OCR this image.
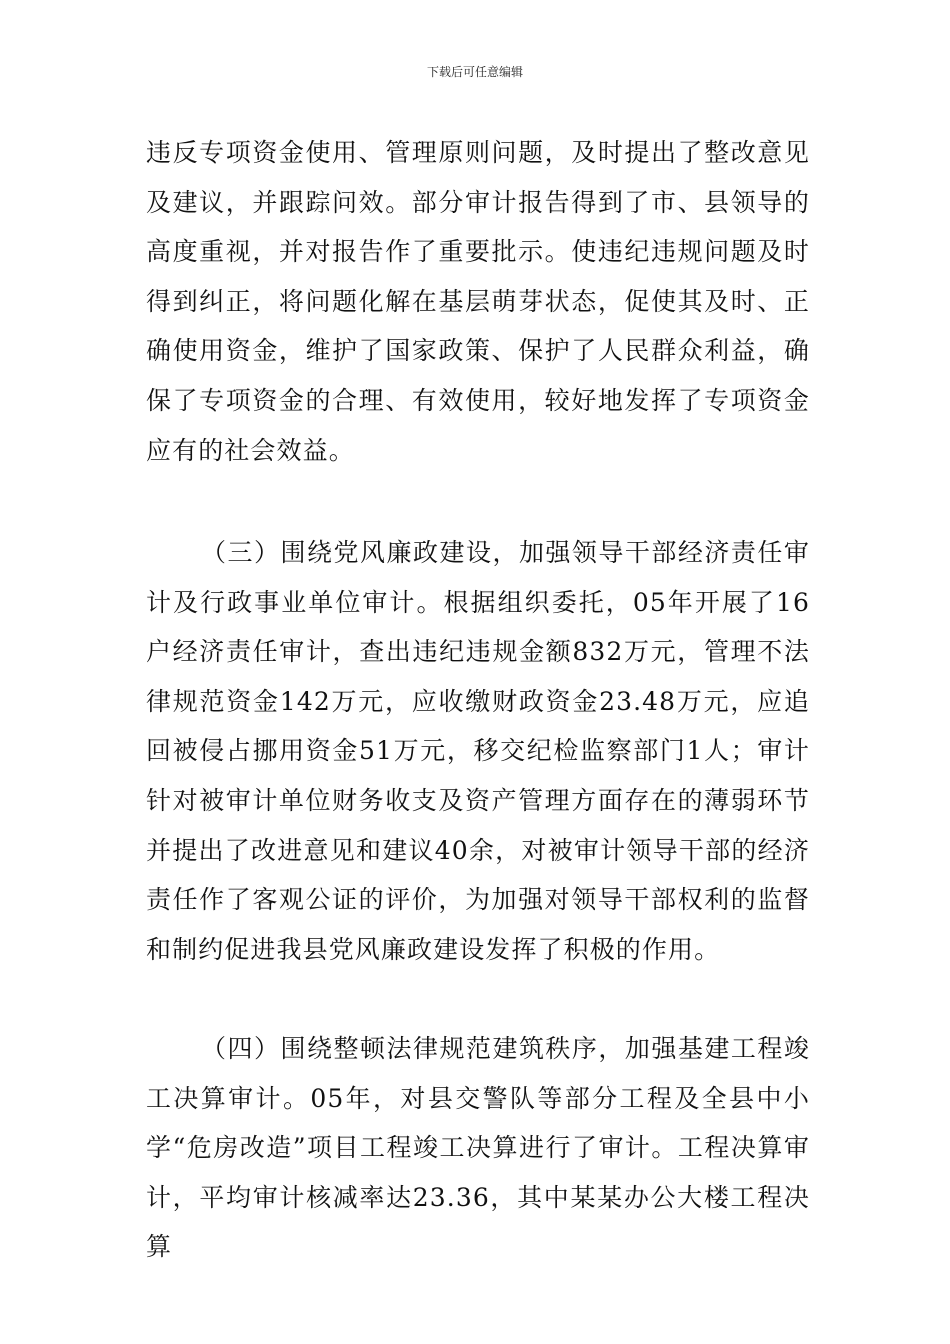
下载后可任意编辑

违反专项资金使用、管理原则问题，及时提出了整改意见及建议，并跟踪问效。部分审计报告得到了市、县领导的高度重视，并对报告作了重要批示。使违纪违规问题及时得到纠正，将问题化解在基层萌芽状态，促使其及时、正确使用资金，维护了国家政策、保护了人民群众利益，确保了专项资金的合理、有效使用，较好地发挥了专项资金应有的社会效益。

（三）围绕党风廉政建设，加强领导干部经济责任审计及行政事业单位审计。根据组织委托，05年开展了16户经济责任审计，查出违纪违规金额832万元，管理不法律规范资金142万元，应收缴财政资金23.48万元，应追回被侵占挪用资金51万元，移交纪检监察部门1人；审计针对被审计单位财务收支及资产管理方面存在的薄弱环节并提出了改进意见和建议40余，对被审计领导干部的经济责任作了客观公证的评价，为加强对领导干部权利的监督和制约促进我县党风廉政建设发挥了积极的作用。

（四）围绕整顿法律规范建筑秩序，加强基建工程竣工决算审计。05年，对县交警队等部分工程及全县中小学“危房改造”项目工程竣工决算进行了审计。工程决算审计，平均审计核减率达23.36，其中某某办公大楼工程决算
